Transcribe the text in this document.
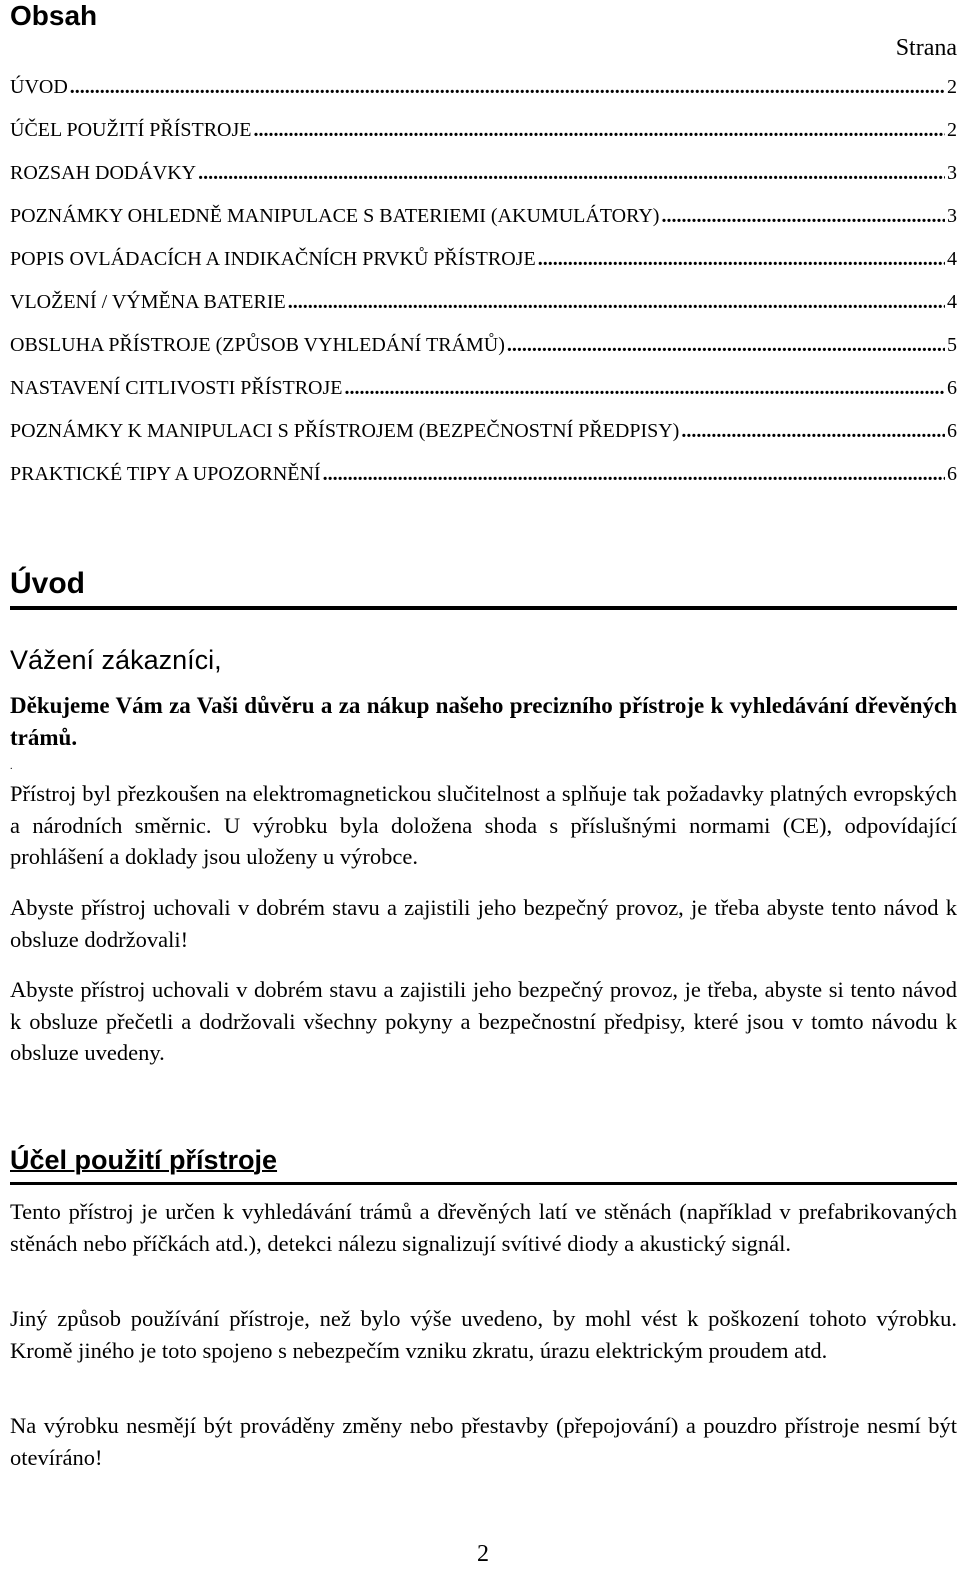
Obsah
Strana
ÚVOD .....	2
ÚČEL POUŽITÍ PŘÍSTROJE .....	2
ROZSAH DODÁVKY .....	3
POZNÁMKY OHLEDNĚ MANIPULACE S BATERIEMI (AKUMULÁTORY) .....	3
POPIS OVLÁDACÍCH A INDIKAČNÍCH PRVKŮ PŘÍSTROJE .....	4
VLOŽENÍ / VÝMĚNA BATERIE .....	4
OBSLUHA PŘÍSTROJE (ZPŮSOB VYHLEDÁNÍ TRÁMŮ) .....	5
NASTAVENÍ CITLIVOSTI PŘÍSTROJE .....	6
POZNÁMKY K MANIPULACI S PŘÍSTROJEM (BEZPEČNOSTNÍ PŘEDPISY) .....	6
PRAKTICKÉ TIPY A UPOZORNĚNÍ .....	6
Úvod

Vážení zákazníci,

Děkujeme Vám za Vaši důvěru a za nákup našeho precizního přístroje k vyhledávání dřevěných trámů.

.

Přístroj byl přezkoušen na elektromagnetickou slučitelnost a splňuje tak požadavky platných evropských a národních směrnic. U výrobku byla doložena shoda s příslušnými normami (CE), odpovídající prohlášení a doklady jsou uloženy u výrobce.

Abyste přístroj uchovali v dobrém stavu a zajistili jeho bezpečný provoz, je třeba abyste tento návod k obsluze dodržovali!

Abyste přístroj uchovali v dobrém stavu a zajistili jeho bezpečný provoz, je třeba, abyste si tento návod k obsluze přečetli a dodržovali všechny pokyny a bezpečnostní předpisy, které jsou v tomto návodu k obsluze uvedeny.

Účel použití přístroje

Tento přístroj je určen k vyhledávání trámů a dřevěných latí ve stěnách (například v prefabrikovaných stěnách nebo příčkách atd.), detekci nálezu signalizují svítivé diody a akustický signál.

Jiný způsob používání přístroje, než bylo výše uvedeno, by mohl vést k poškození tohoto výrobku. Kromě jiného je toto spojeno s nebezpečím vzniku zkratu, úrazu elektrickým proudem atd.

Na výrobku nesmějí být prováděny změny nebo přestavby (přepojování) a pouzdro přístroje nesmí být otevíráno!

2
